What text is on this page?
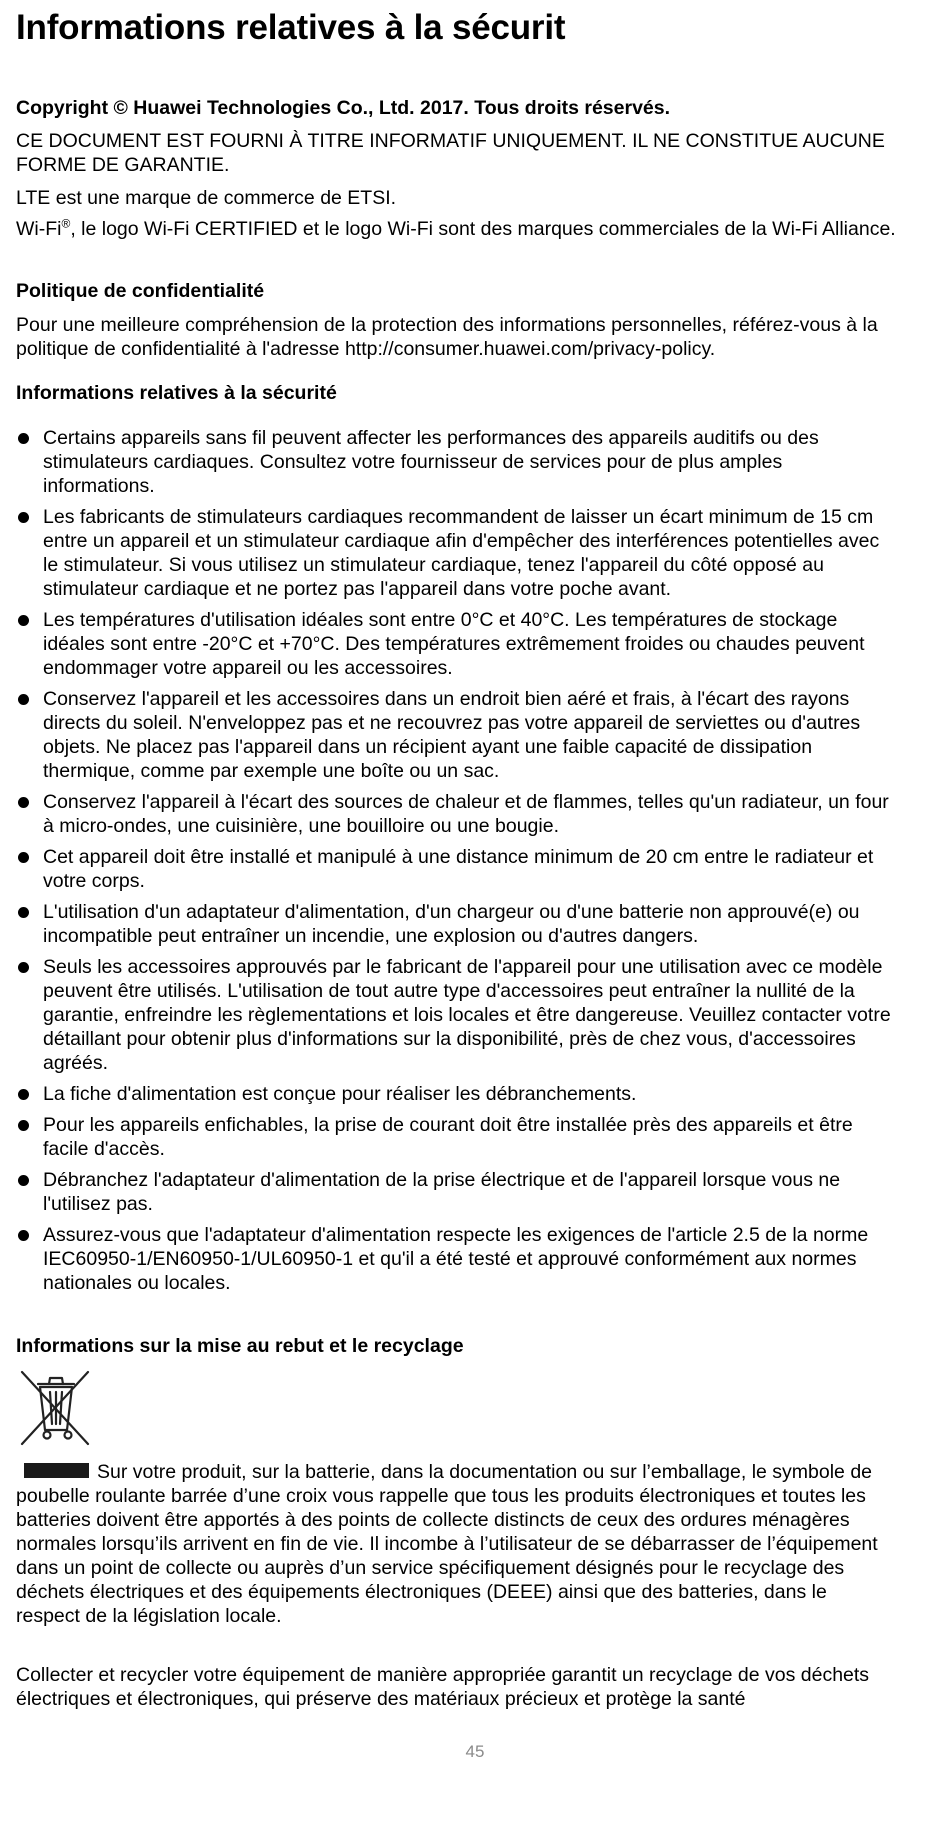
Informations relatives à la sécurit

Copyright © Huawei Technologies Co., Ltd. 2017. Tous droits réservés.

CE DOCUMENT EST FOURNI À TITRE INFORMATIF UNIQUEMENT. IL NE CONSTITUE AUCUNE FORME DE GARANTIE.

LTE est une marque de commerce de ETSI.

Wi-Fi®, le logo Wi-Fi CERTIFIED et le logo Wi-Fi sont des marques commerciales de la Wi-Fi Alliance.

Politique de confidentialité

Pour une meilleure compréhension de la protection des informations personnelles, référez-vous à la politique de confidentialité à l'adresse http://consumer.huawei.com/privacy-policy.

Informations relatives à la sécurité

Certains appareils sans fil peuvent affecter les performances des appareils auditifs ou des stimulateurs cardiaques. Consultez votre fournisseur de services pour de plus amples informations.
Les fabricants de stimulateurs cardiaques recommandent de laisser un écart minimum de 15 cm entre un appareil et un stimulateur cardiaque afin d'empêcher des interférences potentielles avec le stimulateur. Si vous utilisez un stimulateur cardiaque, tenez l'appareil du côté opposé au stimulateur cardiaque et ne portez pas l'appareil dans votre poche avant.
Les températures d'utilisation idéales sont entre 0°C et 40°C. Les températures de stockage idéales sont entre -20°C et +70°C. Des températures extrêmement froides ou chaudes peuvent endommager votre appareil ou les accessoires.
Conservez l'appareil et les accessoires dans un endroit bien aéré et frais, à l'écart des rayons directs du soleil. N'enveloppez pas et ne recouvrez pas votre appareil de serviettes ou d'autres objets. Ne placez pas l'appareil dans un récipient ayant une faible capacité de dissipation thermique, comme par exemple une boîte ou un sac.
Conservez l'appareil à l'écart des sources de chaleur et de flammes, telles qu'un radiateur, un four à micro-ondes, une cuisinière, une bouilloire ou une bougie.
Cet appareil doit être installé et manipulé à une distance minimum de 20 cm entre le radiateur et votre corps.
L'utilisation d'un adaptateur d'alimentation, d'un chargeur ou d'une batterie non approuvé(e) ou incompatible peut entraîner un incendie, une explosion ou d'autres dangers.
Seuls les accessoires approuvés par le fabricant de l'appareil pour une utilisation avec ce modèle peuvent être utilisés. L'utilisation de tout autre type d'accessoires peut entraîner la nullité de la garantie, enfreindre les règlementations et lois locales et être dangereuse. Veuillez contacter votre détaillant pour obtenir plus d'informations sur la disponibilité, près de chez vous, d'accessoires agréés.
La fiche d'alimentation est conçue pour réaliser les débranchements.
Pour les appareils enfichables, la prise de courant doit être installée près des appareils et être facile d'accès.
Débranchez l'adaptateur d'alimentation de la prise électrique et de l'appareil lorsque vous ne l'utilisez pas.
Assurez-vous que l'adaptateur d'alimentation respecte les exigences de l'article 2.5 de la norme IEC60950-1/EN60950-1/UL60950-1 et qu'il a été testé et approuvé conformément aux normes nationales ou locales.

Informations sur la mise au rebut et le recyclage

Sur votre produit, sur la batterie, dans la documentation ou sur l’emballage, le symbole de poubelle roulante barrée d’une croix vous rappelle que tous les produits électroniques et toutes les batteries doivent être apportés à des points de collecte distincts de ceux des ordures ménagères normales lorsqu’ils arrivent en fin de vie. Il incombe à l’utilisateur de se débarrasser de l’équipement dans un point de collecte ou auprès d’un service spécifiquement désignés pour le recyclage des déchets électriques et des équipements électroniques (DEEE) ainsi que des batteries, dans le respect de la législation locale.

Collecter et recycler votre équipement de manière appropriée garantit un recyclage de vos déchets électriques et électroniques, qui préserve des matériaux précieux et protège la santé

45
